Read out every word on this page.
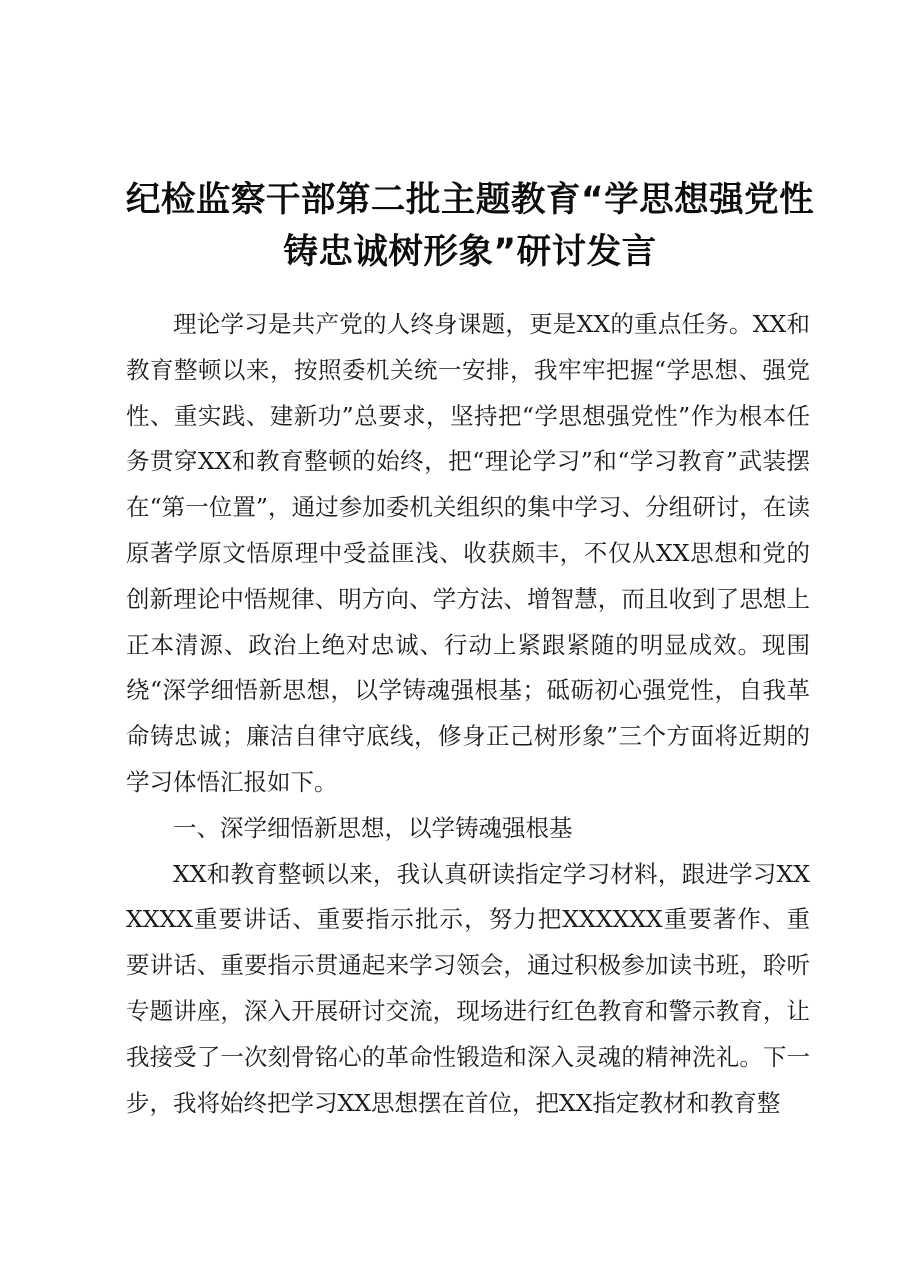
纪检监察干部第二批主题教育“学思想强党性铸忠诚树形象”研讨发言

理论学习是共产党的人终身课题，更是XX的重点任务。XX和教育整顿以来，按照委机关统一安排，我牢牢把握“学思想、强党性、重实践、建新功”总要求，坚持把“学思想强党性”作为根本任务贯穿XX和教育整顿的始终，把“理论学习”和“学习教育”武装摆在“第一位置”，通过参加委机关组织的集中学习、分组研讨，在读原著学原文悟原理中受益匪浅、收获颇丰，不仅从XX思想和党的创新理论中悟规律、明方向、学方法、增智慧，而且收到了思想上正本清源、政治上绝对忠诚、行动上紧跟紧随的明显成效。现围绕“深学细悟新思想，以学铸魂强根基；砥砺初心强党性，自我革命铸忠诚；廉洁自律守底线，修身正己树形象”三个方面将近期的学习体悟汇报如下。

一、深学细悟新思想，以学铸魂强根基

XX和教育整顿以来，我认真研读指定学习材料，跟进学习XXXXXX重要讲话、重要指示批示，努力把XXXXXX重要著作、重要讲话、重要指示贯通起来学习领会，通过积极参加读书班，聆听专题讲座，深入开展研讨交流，现场进行红色教育和警示教育，让我接受了一次刻骨铭心的革命性锻造和深入灵魂的精神洗礼。下一步，我将始终把学习XX思想摆在首位，把XX指定教材和教育整
